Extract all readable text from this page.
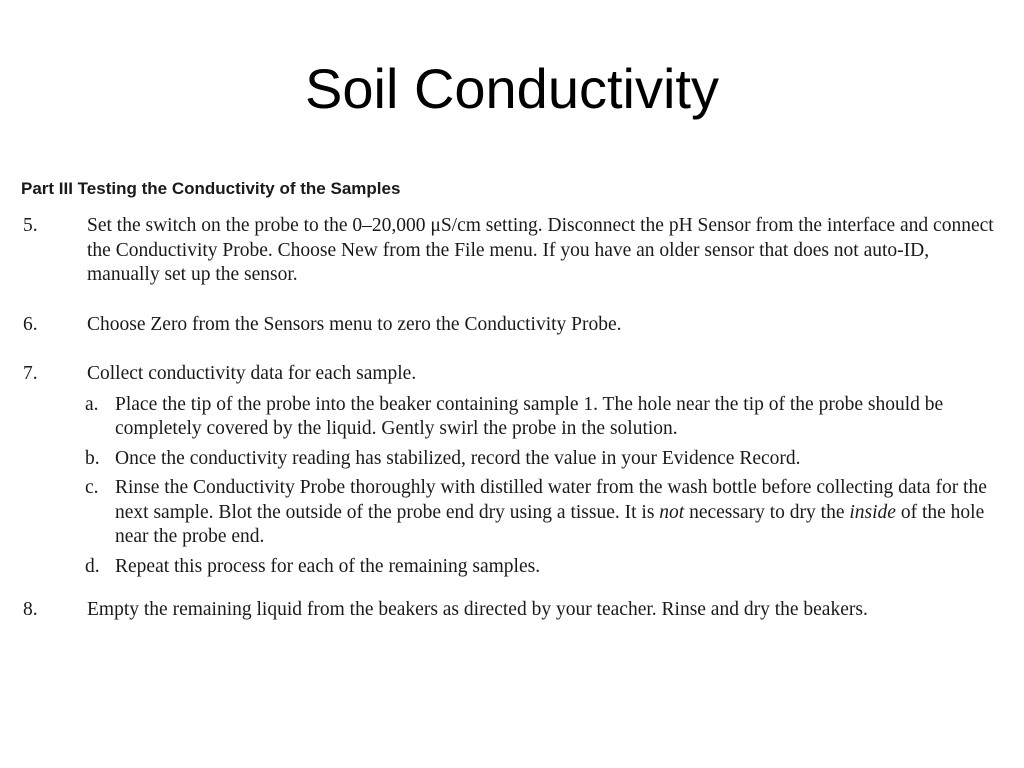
Soil Conductivity

Part III Testing the Conductivity of the Samples

5.	Set the switch on the probe to the 0–20,000 μS/cm setting. Disconnect the pH Sensor from the interface and connect the Conductivity Probe. Choose New from the File menu. If you have an older sensor that does not auto-ID, manually set up the sensor.
6.	Choose Zero from the Sensors menu to zero the Conductivity Probe.
7.	Collect conductivity data for each sample.
a. Place the tip of the probe into the beaker containing sample 1. The hole near the tip of the probe should be completely covered by the liquid. Gently swirl the probe in the solution.
b. Once the conductivity reading has stabilized, record the value in your Evidence Record.
c. Rinse the Conductivity Probe thoroughly with distilled water from the wash bottle before collecting data for the next sample. Blot the outside of the probe end dry using a tissue. It is not necessary to dry the inside of the hole near the probe end.
d. Repeat this process for each of the remaining samples.
8.	Empty the remaining liquid from the beakers as directed by your teacher. Rinse and dry the beakers.
